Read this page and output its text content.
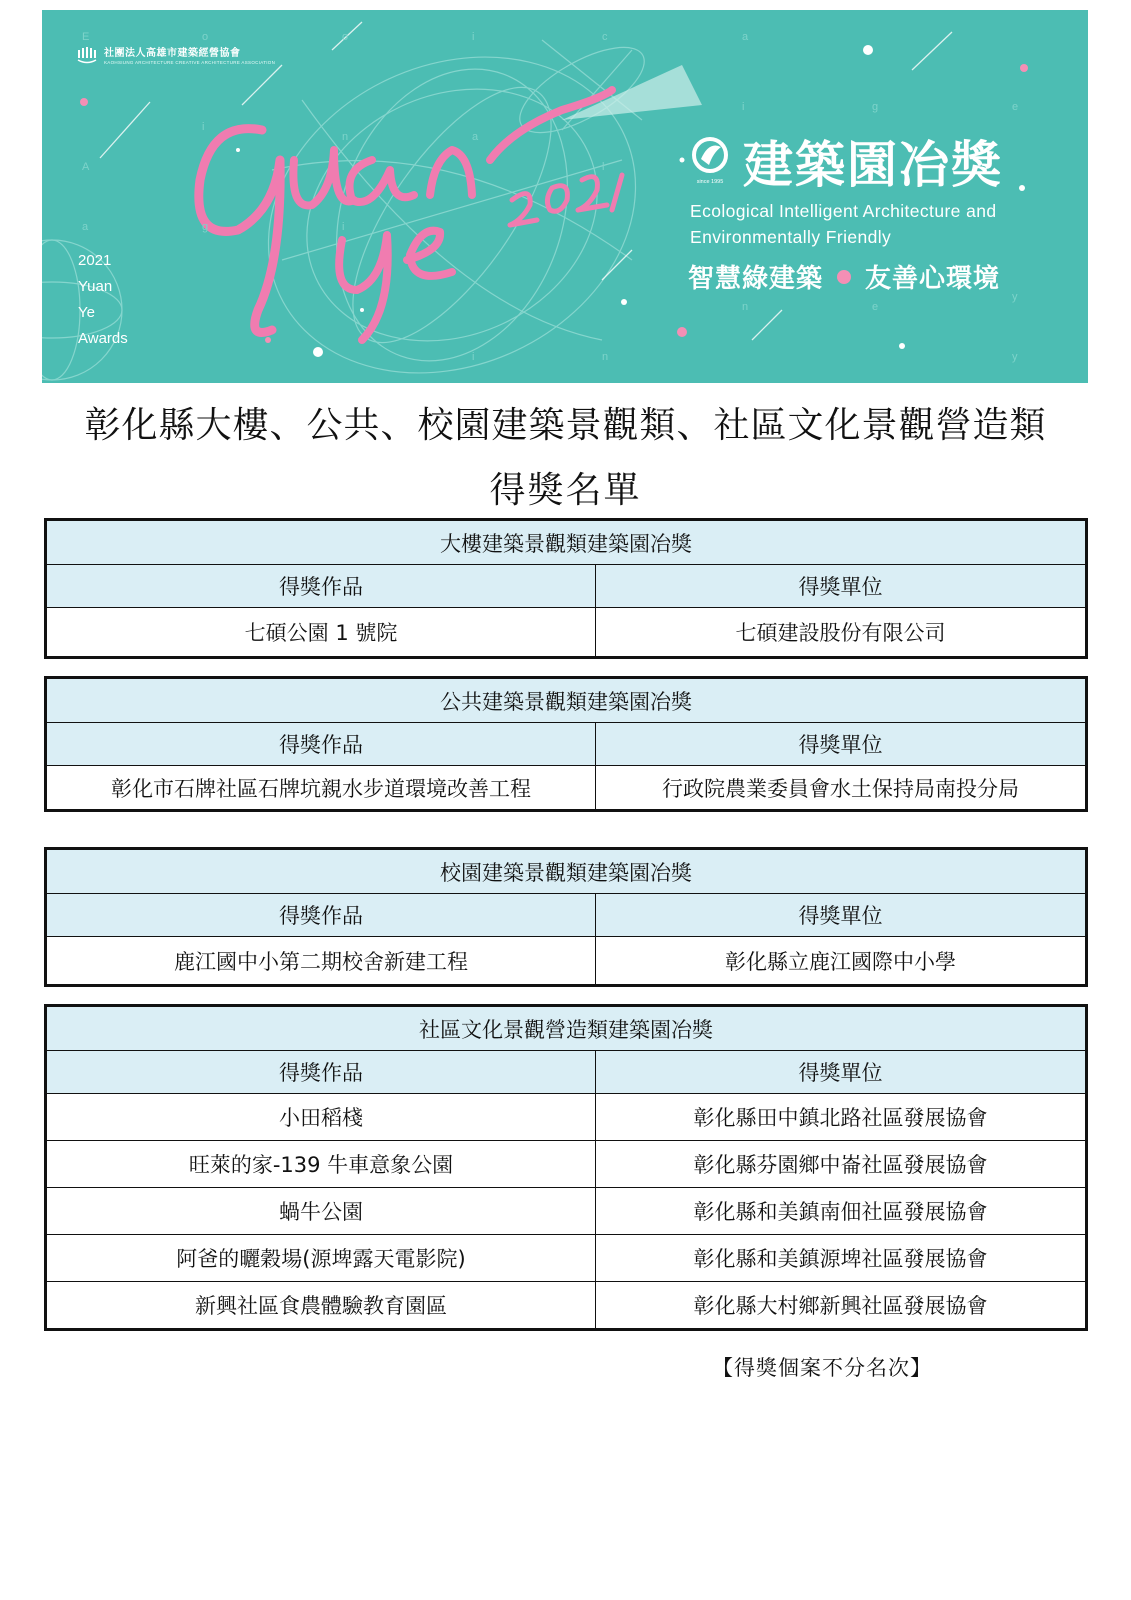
E
A
a
o
i
g
o
n
i
i
a
i
c
l
n
a
i
n
g
e
e
y
y
社團法人高雄市建築經營協會
KAOHSIUNG ARCHITECTURE CREATIVE ARCHITECTURE ASSOCIATION
2021
Yuan
Ye
Awards
since 1995 建築園冶獎
Ecological Intelligent Architecture and
Environmentally Friendly
智慧綠建築 友善心環境
彰化縣大樓、公共、校園建築景觀類、社區文化景觀營造類
得獎名單
大樓建築景觀類建築園冶獎	
得獎作品	得獎單位
七碩公園 1 號院	七碩建設股份有限公司
公共建築景觀類建築園冶獎	
得獎作品	得獎單位
彰化市石牌社區石牌坑親水步道環境改善工程	行政院農業委員會水土保持局南投分局
校園建築景觀類建築園冶獎	
得獎作品	得獎單位
鹿江國中小第二期校舍新建工程	彰化縣立鹿江國際中小學
社區文化景觀營造類建築園冶獎	
得獎作品	得獎單位
小田稻棧	彰化縣田中鎮北路社區發展協會
旺萊的家-139 牛車意象公園	彰化縣芬園鄉中崙社區發展協會
蝸牛公園	彰化縣和美鎮南佃社區發展協會
阿爸的曬穀場(源埤露天電影院)	彰化縣和美鎮源埤社區發展協會
新興社區食農體驗教育園區	彰化縣大村鄉新興社區發展協會
【得獎個案不分名次】
